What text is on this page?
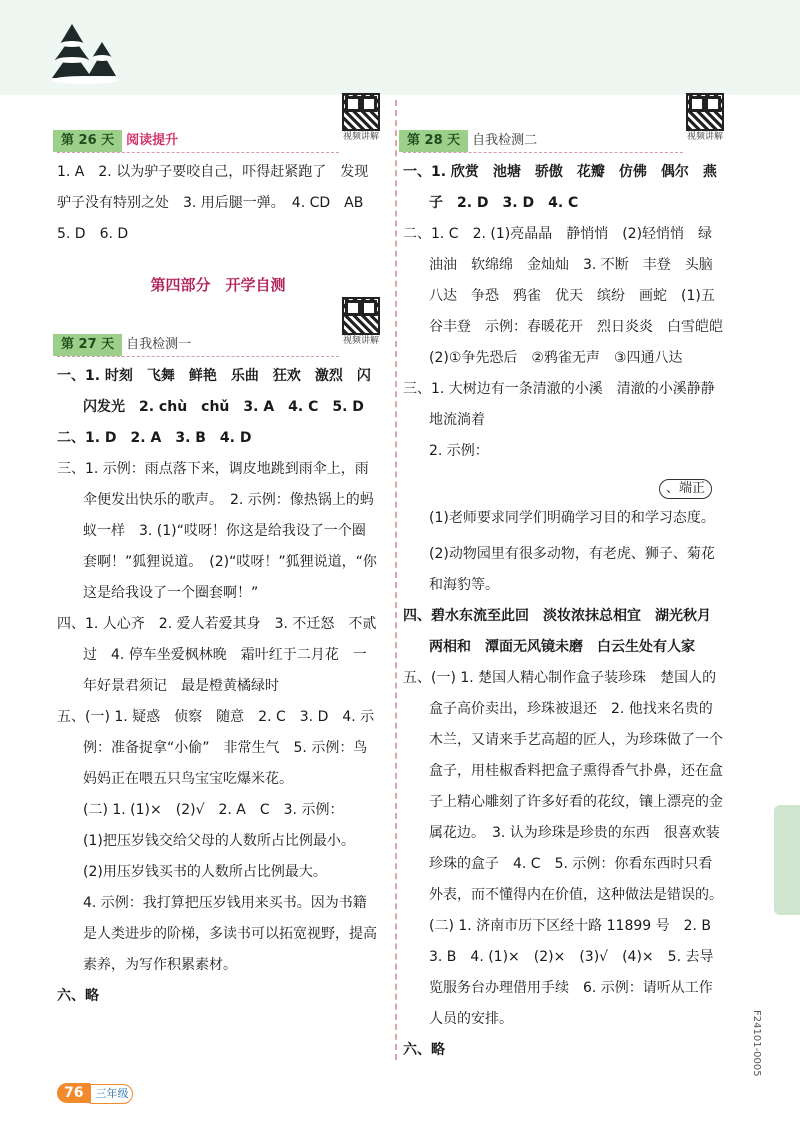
第 26 天 阅读提升	视频讲解

1. A　2. 以为驴子要咬自己，吓得赶紧跑了　发现驴子没有特别之处　3. 用后腿一弹。　4. CD　AB

5. D　6. D

第四部分　开学自测
第 27 天 自我检测一	视频讲解

一、1. 时刻　飞舞　鲜艳　乐曲　狂欢　激烈　闪闪发光　2. chù　chǔ　3. A　4. C　5. D

二、1. D　2. A　3. B　4. D

三、1. 示例：雨点落下来，调皮地跳到雨伞上，雨伞便发出快乐的歌声。　2. 示例：像热锅上的蚂蚁一样　3. (1)“哎呀！你这是给我设了一个圈套啊！”狐狸说道。　(2)“哎呀！”狐狸说道，“你这是给我设了一个圈套啊！”

四、1. 人心齐　2. 爱人若爱其身　3. 不迁怒　不贰过　4. 停车坐爱枫林晚　霜叶红于二月花　一年好景君须记　最是橙黄橘绿时

五、(一) 1. 疑惑　侦察　随意　2. C　3. D　4. 示例：准备捉拿“小偷”　非常生气　5. 示例：鸟妈妈正在喂五只鸟宝宝吃爆米花。

(二) 1. (1)×　(2)√　2. A　C　3. 示例：

(1)把压岁钱交给父母的人数所占比例最小。

(2)用压岁钱买书的人数所占比例最大。

4. 示例：我打算把压岁钱用来买书。因为书籍是人类进步的阶梯，多读书可以拓宽视野，提高素养，为写作积累素材。

六、略

第 28 天 自我检测二	视频讲解

一、1. 欣赏　池塘　骄傲　花瓣　仿佛　偶尔　燕子　2. D　3. D　4. C

二、1. C　2. (1)亮晶晶　静悄悄　(2)轻悄悄　绿油油　软绵绵　金灿灿　3. 不断　丰登　头脑　八达　争恐　鸦雀　优天　缤纷　画蛇　(1)五谷丰登　示例：春暖花开　烈日炎炎　白雪皑皑　(2)①争先恐后　②鸦雀无声　③四通八达

三、1. 大树边有一条清澈的小溪　清澈的小溪静静地流淌着

2. 示例：

、端正
(1)老师要求同学们明确学习目的和学习态度。

(2)动物园里有很多动物，有老虎、狮子、菊花和海豹等。

四、碧水东流至此回　淡妆浓抹总相宜　湖光秋月两相和　潭面无风镜未磨　白云生处有人家

五、(一) 1. 楚国人精心制作盒子装珍珠　楚国人的盒子高价卖出，珍珠被退还　2. 他找来名贵的木兰，又请来手艺高超的匠人，为珍珠做了一个盒子，用桂椒香料把盒子熏得香气扑鼻，还在盒子上精心雕刻了许多好看的花纹，镶上漂亮的金属花边。　3. 认为珍珠是珍贵的东西　很喜欢装珍珠的盒子　4. C　5. 示例：你看东西时只看外表，而不懂得内在价值，这种做法是错误的。

(二) 1. 济南市历下区经十路 11899 号　2. B　3. B　4. (1)×　(2)×　(3)√　(4)×　5. 去导览服务台办理借用手续　6. 示例：请听从工作人员的安排。

六、略	F24101-0005
76 三年级
